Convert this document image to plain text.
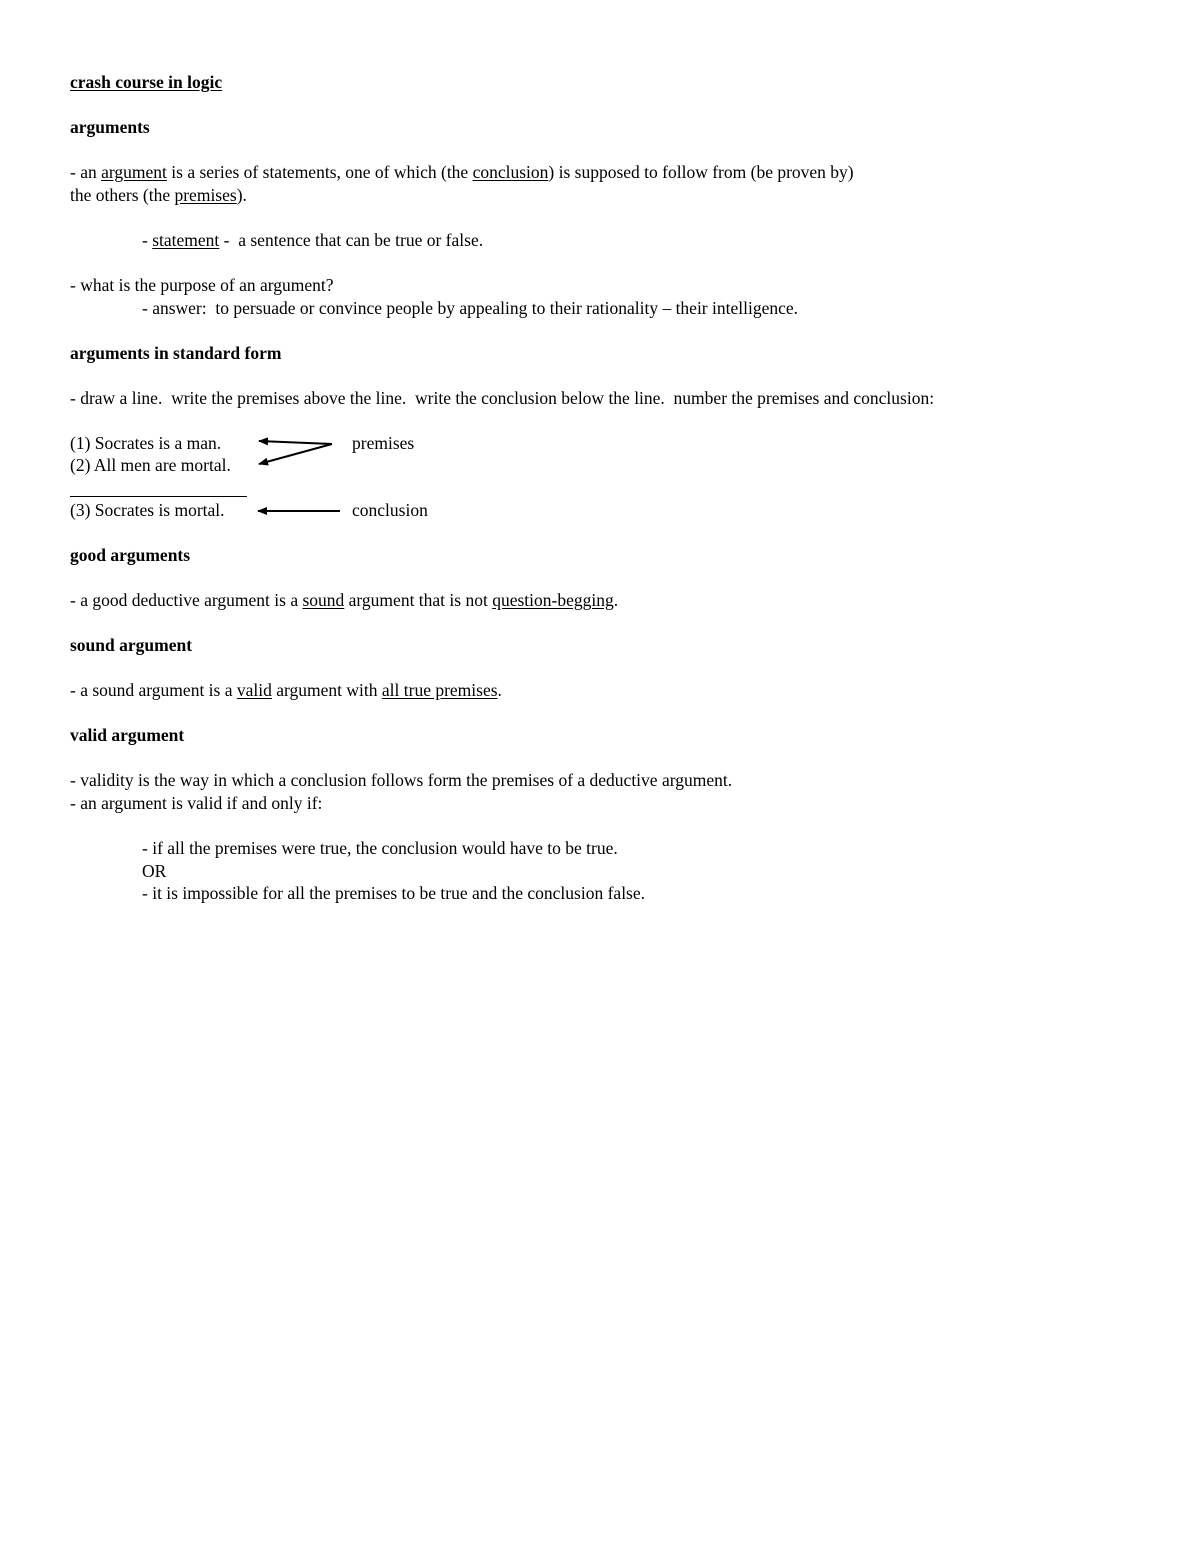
crash course in logic
arguments
- an argument is a series of statements, one of which (the conclusion) is supposed to follow from (be proven by)
the others (the premises).
- statement -  a sentence that can be true or false.
- what is the purpose of an argument?
- answer:  to persuade or convince people by appealing to their rationality – their intelligence.
arguments in standard form
- draw a line.  write the premises above the line.  write the conclusion below the line.  number the premises and conclusion:
(1) Socrates is a man.
(2) All men are mortal.
premises
(3) Socrates is mortal.	conclusion
good arguments
- a good deductive argument is a sound argument that is not question-begging.
sound argument
- a sound argument is a valid argument with all true premises.
valid argument
- validity is the way in which a conclusion follows form the premises of a deductive argument.
- an argument is valid if and only if:
- if all the premises were true, the conclusion would have to be true.
OR
- it is impossible for all the premises to be true and the conclusion false.
